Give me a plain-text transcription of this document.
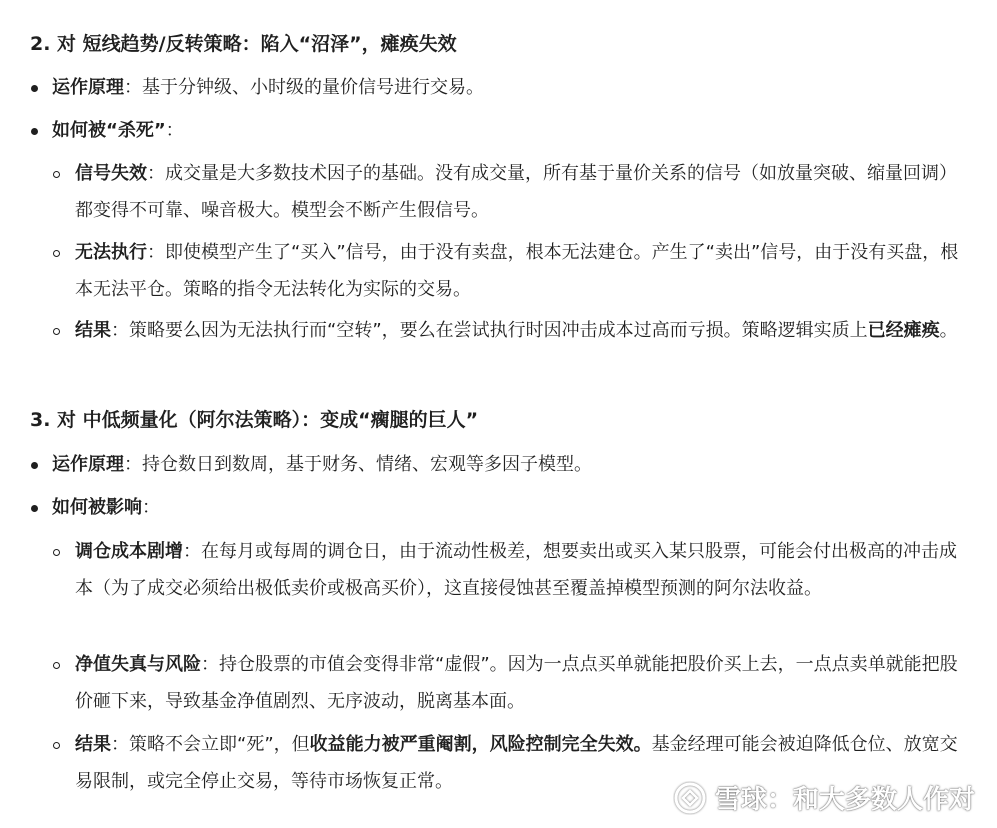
2. 对 短线趋势/反转策略：陷入“沼泽”，瘫痪失效
运作原理：基于分钟级、小时级的量价信号进行交易。
如何被“杀死”：
信号失效：成交量是大多数技术因子的基础。没有成交量，所有基于量价关系的信号（如放量突破、缩量回调）都变得不可靠、噪音极大。模型会不断产生假信号。
无法执行：即使模型产生了“买入”信号，由于没有卖盘，根本无法建仓。产生了“卖出”信号，由于没有买盘，根本无法平仓。策略的指令无法转化为实际的交易。
结果：策略要么因为无法执行而“空转”，要么在尝试执行时因冲击成本过高而亏损。策略逻辑实质上已经瘫痪。
3. 对 中低频量化（阿尔法策略）：变成“瘸腿的巨人”
运作原理：持仓数日到数周，基于财务、情绪、宏观等多因子模型。
如何被影响：
调仓成本剧增：在每月或每周的调仓日，由于流动性极差，想要卖出或买入某只股票，可能会付出极高的冲击成本（为了成交必须给出极低卖价或极高买价），这直接侵蚀甚至覆盖掉模型预测的阿尔法收益。
净值失真与风险：持仓股票的市值会变得非常“虚假”。因为一点点买单就能把股价买上去，一点点卖单就能把股价砸下来，导致基金净值剧烈、无序波动，脱离基本面。
结果：策略不会立即“死”，但收益能力被严重阉割，风险控制完全失效。基金经理可能会被迫降低仓位、放宽交易限制，或完全停止交易，等待市场恢复正常。
雪球：和大多数人作对
